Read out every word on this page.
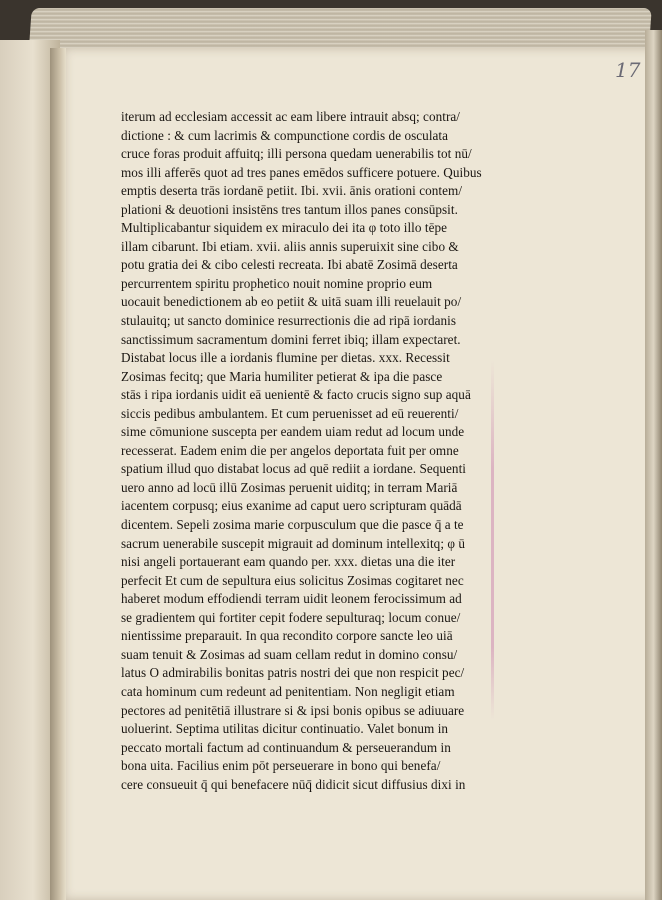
17
iterum ad ecclesiam accessit ac eam libere intrauit absq; contra/
dictione : & cum lacrimis & compunctione cordis de osculata
cruce foras produit affuitq; illi persona quedam uenerabilis tot nū/
mos illi afferēs quot ad tres panes emēdos sufficere potuere. Quibus
emptis deserta trās iordanē petiit. Ibi. xvii. ānis orationi contem/
plationi & deuotioni insistēns tres tantum illos panes consūpsit.
Multiplicabantur siquidem ex miraculo dei ita φ toto illo tēpe
illam cibarunt. Ibi etiam. xvii. aliis annis superuixit sine cibo &
potu gratia dei & cibo celesti recreata. Ibi abatē Zosimā deserta
percurrentem spiritu prophetico nouit nomine proprio eum
uocauit benedictionem ab eo petiit & uitā suam illi reuelauit po/
stulauitq; ut sancto dominice resurrectionis die ad ripā iordanis
sanctissimum sacramentum domini ferret ibiq; illam expectaret.
Distabat locus ille a iordanis flumine per dietas. xxx. Recessit
Zosimas fecitq; que Maria humiliter petierat & ipa die pasce
stās i ripa iordanis uidit eā uenientē & facto crucis signo sup aquā
siccis pedibus ambulantem. Et cum peruenisset ad eū reuerenti/
sime cōmunione suscepta per eandem uiam redut ad locum unde
recesserat. Eadem enim die per angelos deportata fuit per omne
spatium illud quo distabat locus ad quē rediit a iordane. Sequenti
uero anno ad locū illū Zosimas peruenit uiditq; in terram Mariā
iacentem corpusq; eius exanime ad caput uero scripturam quādā
dicentem. Sepeli zosima marie corpusculum que die pasce q̄ a te
sacrum uenerabile suscepit migrauit ad dominum intellexitq; φ ū
nisi angeli portauerant eam quando per. xxx. dietas una die iter
perfecit Et cum de sepultura eius solicitus Zosimas cogitaret nec
haberet modum effodiendi terram uidit leonem ferocissimum ad
se gradientem qui fortiter cepit fodere sepulturaq; locum conue/
nientissime preparauit. In qua recondito corpore sancte leo uiā
suam tenuit & Zosimas ad suam cellam redut in domino consu/
latus O admirabilis bonitas patris nostri dei que non respicit pec/
cata hominum cum redeunt ad penitentiam. Non negligit etiam
pectores ad penitētiā illustrare si & ipsi bonis opibus se adiuuare
uoluerint. Septima utilitas dicitur continuatio. Valet bonum in
peccato mortali factum ad continuandum & perseuerandum in
bona uita. Facilius enim pōt perseuerare in bono qui benefa/
cere consueuit q̄ qui benefacere nūq̄ didicit sicut diffusius dixi in
